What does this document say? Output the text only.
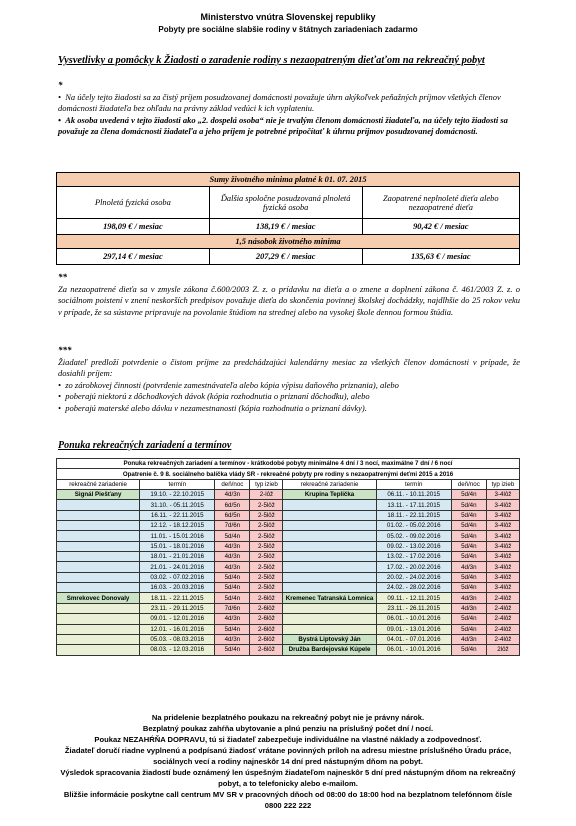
Ministerstvo vnútra Slovenskej republiky
Pobyty pre sociálne slabšie rodiny v štátnych zariadeniach zadarmo
Vysvetlivky a pomôcky k Žiadosti o zaradenie rodiny s nezaopatreným dieťaťom na rekreačný pobyt
*
•  Na účely tejto žiadosti sa za čistý príjem posudzovanej domácnosti považuje úhrn akýkoľvek peňažných príjmov všetkých členov domácnosti žiadateľa bez ohľadu na právny základ vedúci k ich vyplateniu.
•  Ak osoba uvedená v tejto žiadosti ako „2. dospelá osoba“ nie je trvalým členom domácnosti žiadateľa, na účely tejto žiadosti sa považuje za člena domácnosti žiadateľa a jeho príjem je potrebné pripočítať k úhrnu príjmov posudzovanej domácnosti.
Sumy životného minima platné k 01. 07. 2015		
Plnoletá fyzická osoba	Ďalšia spoločne posudzovaná plnoletá fyzická osoba	Zaopatrené neplnoleté dieťa alebo nezaopatrené dieťa
198,09 € / mesiac	138,19 € / mesiac	90,42 € / mesiac
1,5 násobok životného minima		
297,14 € / mesiac	207,29 € / mesiac	135,63 € / mesiac
**
Za nezaopatrené dieťa sa v zmysle zákona č.600/2003 Z. z. o prídavku na dieťa a o zmene a doplnení zákona č. 461/2003 Z. z. o sociálnom poistení v znení neskorších predpisov považuje dieťa do skončenia povinnej školskej dochádzky, najdlhšie do 25 rokov veku v prípade, že sa sústavne pripravuje na povolanie štúdiom na strednej alebo na vysokej škole dennou formou štúdia.
***
Žiadateľ predloží potvrdenie o čistom príjme za predchádzajúci kalendárny mesiac za všetkých členov domácnosti v prípade, že dosiahli príjem:
•  zo zárobkovej činnosti (potvrdenie zamestnávateľa alebo kópia výpisu daňového priznania), alebo
•  poberajú niektorú z dôchodkových dávok (kópia rozhodnutia o priznaní dôchodku), alebo
•  poberajú materské alebo dávku v nezamestnanosti (kópia rozhodnutia o priznaní dávky).
Ponuka rekreačných zariadení a termínov
Ponuka rekreačných zariadení a termínov - krátkodobé pobyty minimálne 4 dní / 3 nocí, maximálne 7 dní / 6 nocí							
Opatrenie č. 9 8. sociálneho balíčka vlády SR - rekreačné pobyty pre rodiny s nezaopatrenými deťmi 2015 a 2016							
rekreačné zariadenie	termín	deň/noc	typ izieb	rekreačné zariadenie	termín	deň/noc	typ izieb
Signál Piešťany	19.10. - 22.10.2015	4d/3n	2-lôž	Krupina Teplička	06.11. - 10.11.2015	5d/4n	3-4lôž
	31.10. - 05.11.2015	6d/5n	2-5lôž		13.11. - 17.11.2015	5d/4n	3-4lôž
	16.11. - 22.11.2015	6d/5n	2-5lôž		18.11. - 22.11.2015	5d/4n	3-4lôž
	12.12. - 18.12.2015	7d/6n	2-5lôž		01.02. - 05.02.2016	5d/4n	3-4lôž
	11.01. - 15.01.2016	5d/4n	2-5lôž		05.02. - 09.02.2016	5d/4n	3-4lôž
	15.01. - 18.01.2016	4d/3n	2-5lôž		09.02. - 13.02.2016	5d/4n	3-4lôž
	18.01. - 21.01.2016	4d/3n	2-5lôž		13.02. - 17.02.2016	5d/4n	3-4lôž
	21.01. - 24.01.2016	4d/3n	2-5lôž		17.02. - 20.02.2016	4d/3n	3-4lôž
	03.02. - 07.02.2016	5d/4n	2-5lôž		20.02. - 24.02.2016	5d/4n	3-4lôž
	16.03. - 20.03.2016	5d/4n	2-5lôž		24.02. - 28.02.2016	5d/4n	3-4lôž
Smrekovec Donovaly	18.11. - 22.11.2015	5d/4n	2-6lôž	Kremenec Tatranská Lomnica	09.11. - 12.11.2015	4d/3n	2-4lôž
	23.11. - 29.11.2015	7d/6n	2-6lôž		23.11. - 26.11.2015	4d/3n	2-4lôž
	09.01. - 12.01.2016	4d/3n	2-6lôž		06.01. - 10.01.2016	5d/4n	2-4lôž
	12.01. - 16.01.2016	5d/4n	2-6lôž		09.01. - 13.01.2016	5d/4n	2-4lôž
	05.03. - 08.03.2016	4d/3n	2-6lôž	Bystrá Liptovský Ján	04.01. - 07.01.2016	4d/3n	2-4lôž
	08.03. - 12.03.2016	5d/4n	2-6lôž	Družba Bardejovské Kúpele	06.01. - 10.01.2016	5d/4n	2lôž
Na pridelenie bezplatného poukazu na rekreačný pobyt nie je právny nárok.
Bezplatný poukaz zahŕňa ubytovanie a plnú penziu na príslušný počet dní / nocí.
Poukaz NEZAHŔŇA DOPRAVU, tú si žiadateľ zabezpečuje individuálne na vlastné náklady a zodpovednosť.
Žiadateľ doručí riadne vyplnenú a podpísanú žiadosť vrátane povinných príloh na adresu miestne príslušného Úradu práce, sociálnych vecí a rodiny najneskôr 14 dní pred nástupným dňom na pobyt.
Výsledok spracovania žiadostí bude oznámený len úspešným žiadateľom najneskôr 5 dní pred nástupným dňom na rekreačný pobyt, a to telefonicky alebo e-mailom.
Bližšie informácie poskytne call centrum MV SR v pracovných dňoch od 08:00 do 18:00 hod na bezplatnom telefónnom čísle 0800 222 222
